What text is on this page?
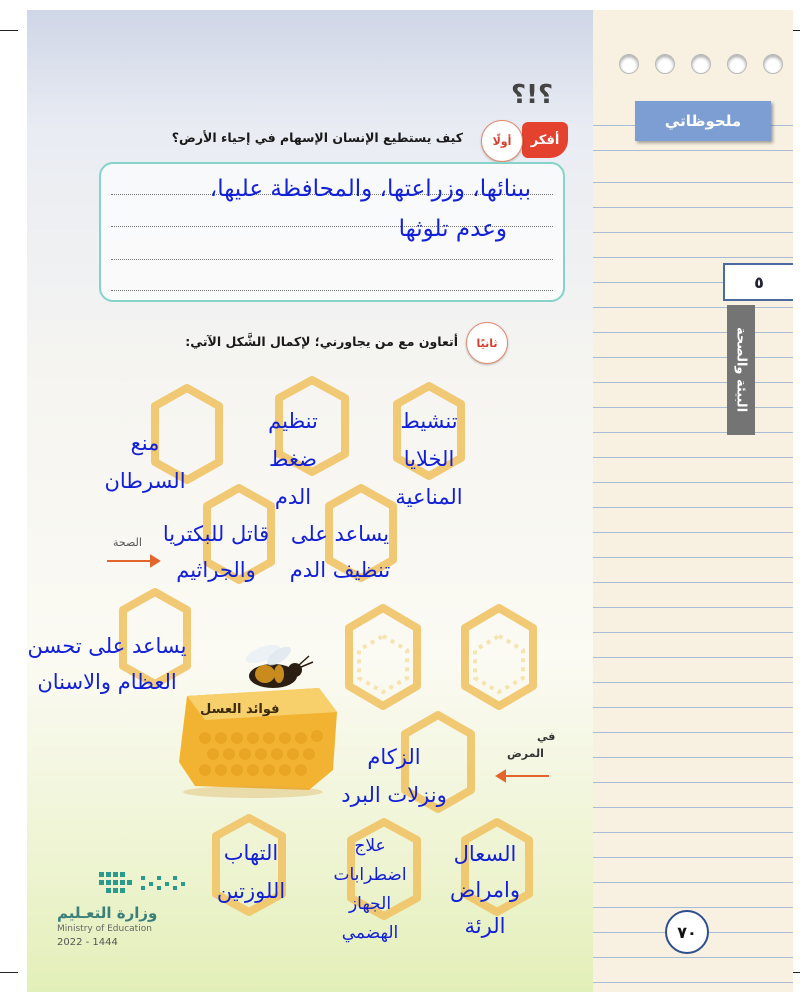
؟!؟
أفكر
أولًا
كيف يستطيع الإنسان الإسهام في إحياء الأرض؟
ببنائها، وزراعتها، والمحافظة عليها،
وعدم تلوثها
ثانيًا
أتعاون مع من يجاورني؛ لإكمال الشَّكل الآتي:
فوائد العسل
الصحة
في
المرض
تنشيط
الخلايا
المناعية
تنظيم
ضغط
الدم
منع
السرطان
يساعد على
تنظيف الدم
قاتل للبكتريا
والجراثيم
يساعد على تحسن
العظام والاسنان
الزكام
ونزلات البرد
السعال
وامراض
الرئة
علاج
اضطرابات
الجهاز
الهضمي
التهاب
اللوزتين
وزارة التعـليم
Ministry of Education
2022 - 1444
ملحوظاتي
٥
البيئة والصحة
٧٠
